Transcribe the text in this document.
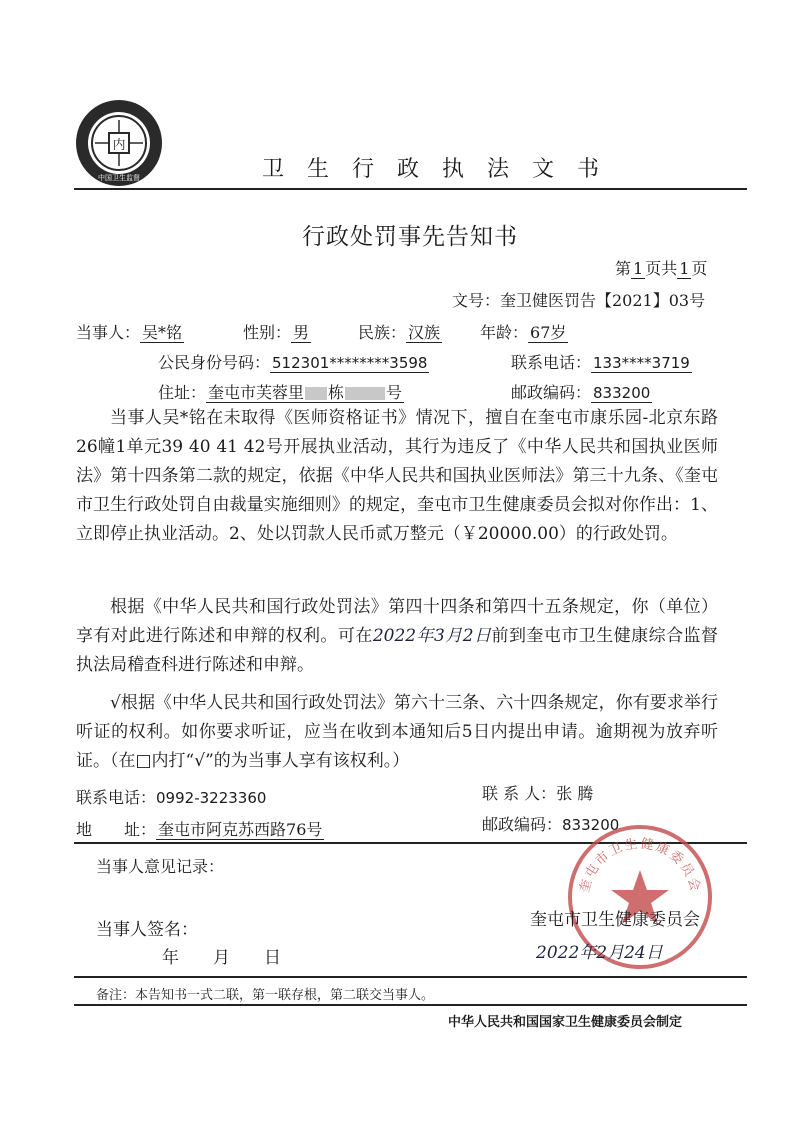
内
中国卫生监督	卫 生 行 政 执 法 文 书
行政处罚事先告知书
第 1 页共 1 页
文号：奎卫健医罚告【2021】03号
当事人： 吴*铭	性别： 男	民族： 汉族 年龄： 67岁
公民身份号码： 512301********3598	联系电话： 133****3719
住址： 奎屯市芙蓉里 栋	号	邮政编码： 833200
当事人吴*铭在未取得《医师资格证书》情况下，擅自在奎屯市康乐园-北京东路26幢1单元39 40 41 42号开展执业活动，其行为违反了《中华人民共和国执业医师法》第十四条第二款的规定，依据《中华人民共和国执业医师法》第三十九条、《奎屯市卫生行政处罚自由裁量实施细则》的规定，奎屯市卫生健康委员会拟对你作出：1、立即停止执业活动。2、处以罚款人民币贰万整元（￥20000.00）的行政处罚。
根据《中华人民共和国行政处罚法》第四十四条和第四十五条规定，你（单位）享有对此进行陈述和申辩的权利。可在2022年3月2日前到奎屯市卫生健康综合监督执法局稽查科进行陈述和申辩。
√根据《中华人民共和国行政处罚法》第六十三条、六十四条规定，你有要求举行听证的权利。如你要求听证，应当在收到本通知后5日内提出申请。逾期视为放弃听证。（在□内打“√”的为当事人享有该权利。）
联系电话：0992-3223360	联 系 人：张 腾
地　　址： 奎屯市阿克苏西路76号	邮政编码：833200
当事人意见记录：
奎屯市卫生健康委员会
当事人签名：	奎屯市卫生健康委员会
年　　月　　日	2022年2月24日
备注：本告知书一式二联，第一联存根，第二联交当事人。
中华人民共和国国家卫生健康委员会制定
